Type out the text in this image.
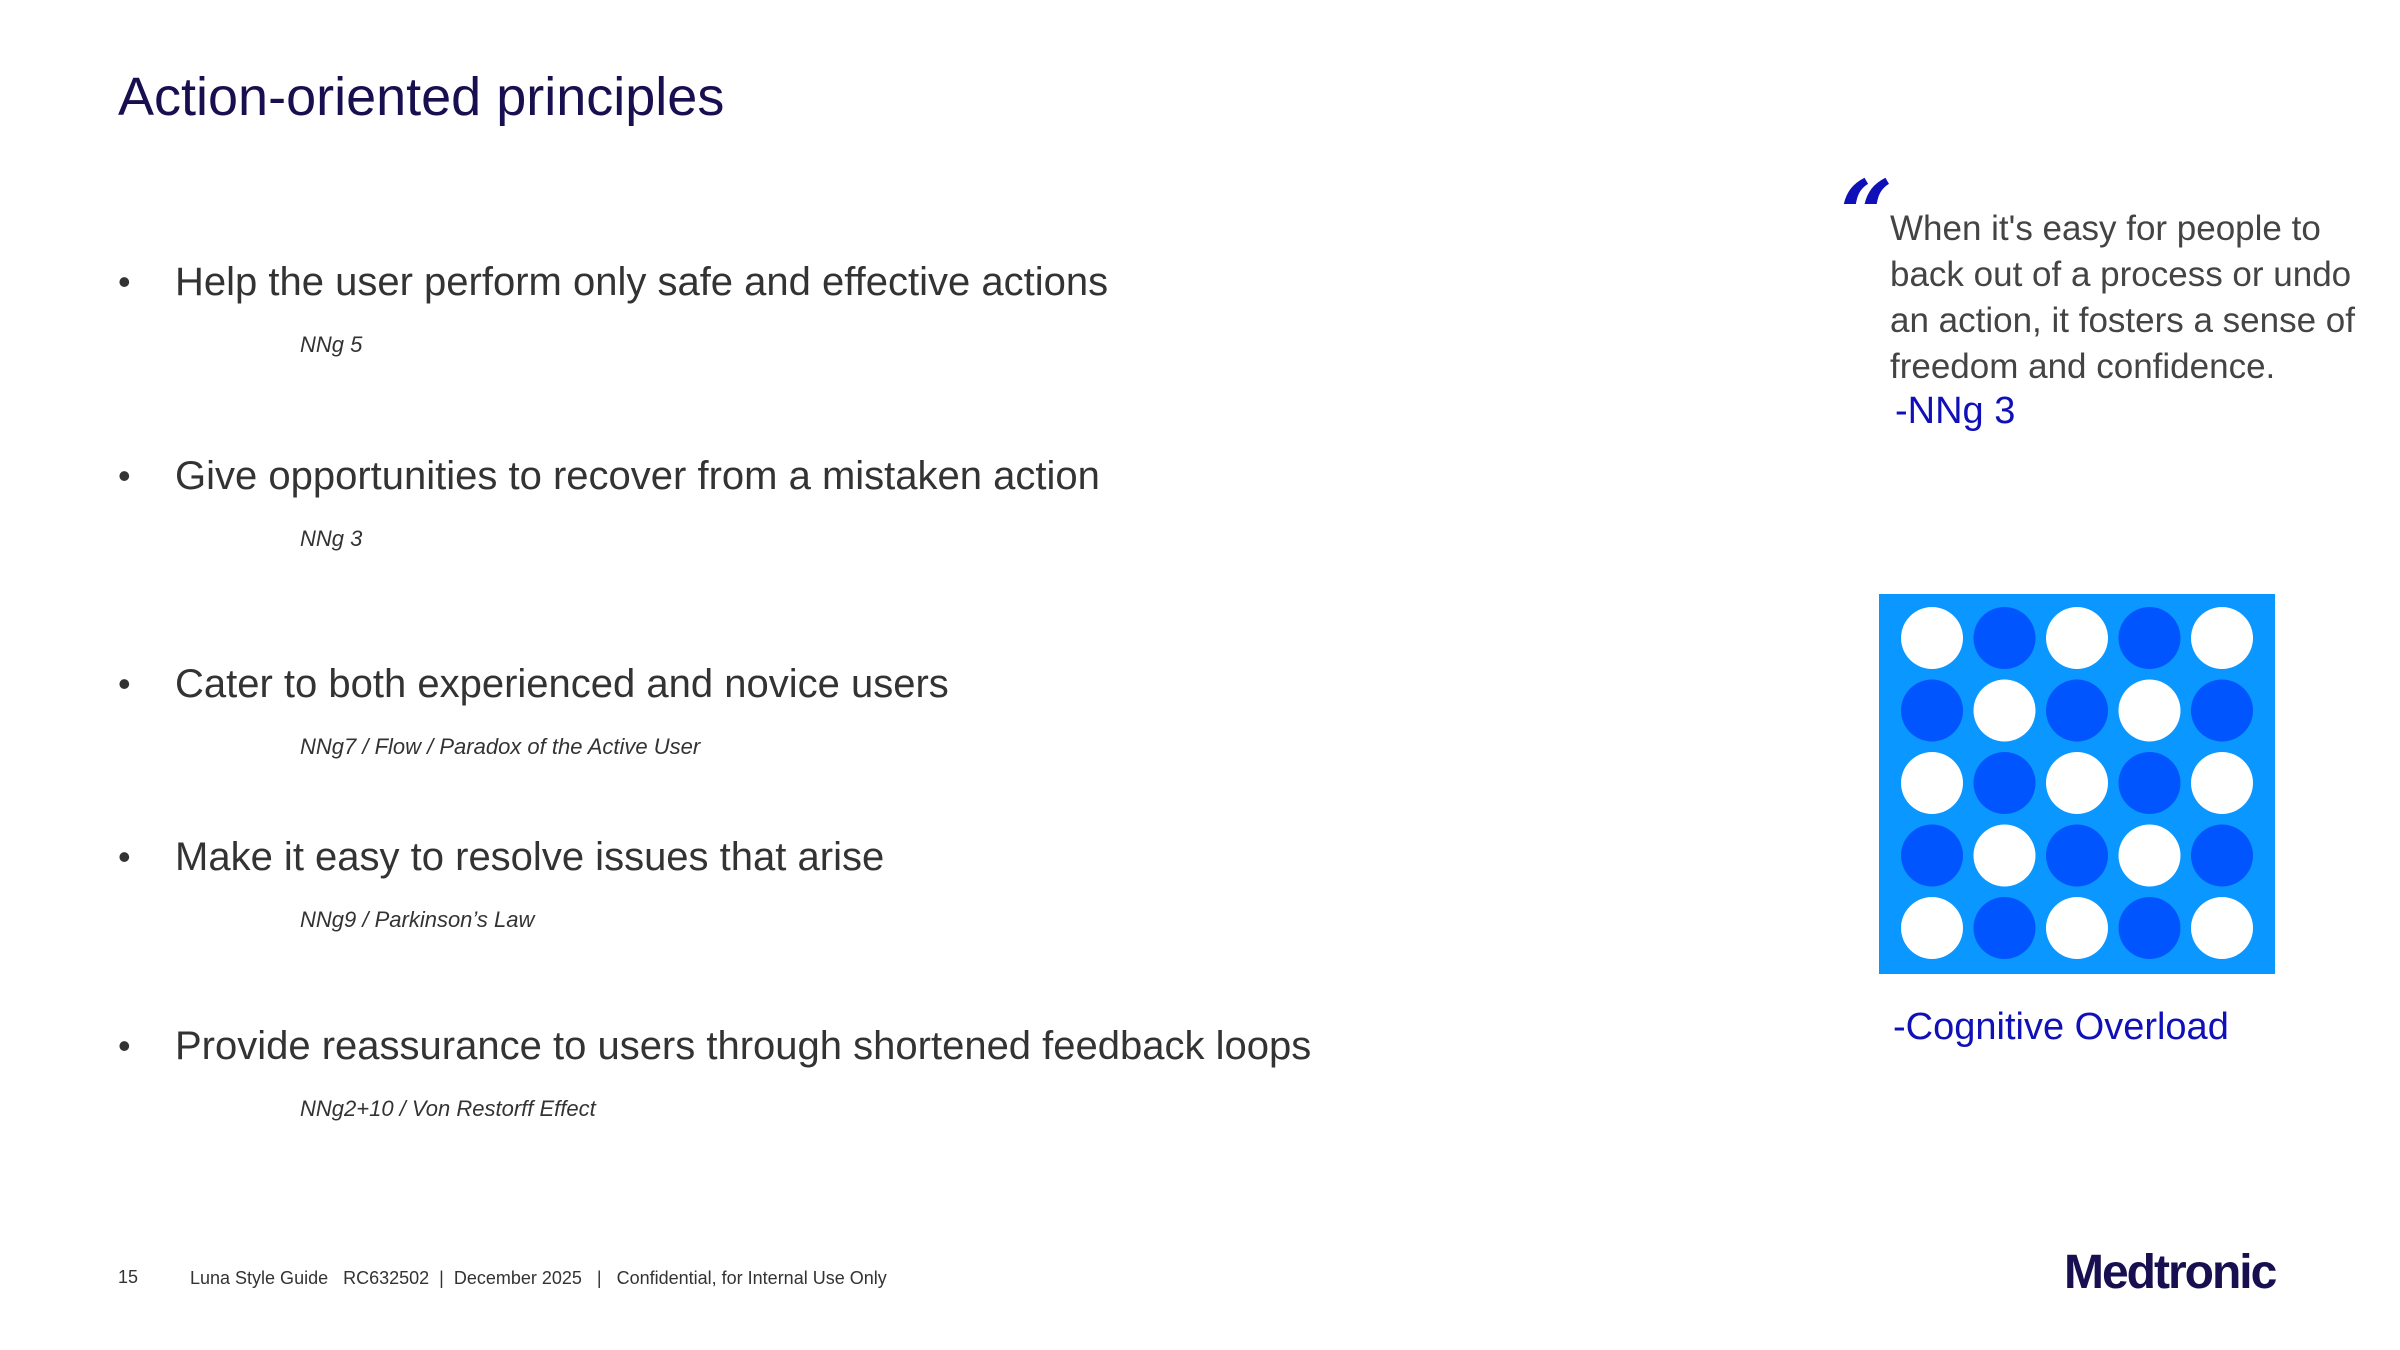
Action-oriented principles
• Help the user perform only safe and effective actions
NNg 5
• Give opportunities to recover from a mistaken action
NNg 3
• Cater to both experienced and novice users
NNg7 / Flow / Paradox of the Active User
• Make it easy to resolve issues that arise
NNg9 / Parkinson’s Law
• Provide reassurance to users through shortened feedback loops
NNg2+10 / Von Restorff Effect
“
When it's easy for people to back out of a process or undo an action, it fosters a sense of freedom and confidence.
-NNg 3
-Cognitive Overload
15	Luna Style Guide   RC632502  |  December 2025   |   Confidential, for Internal Use Only	Medtronic
